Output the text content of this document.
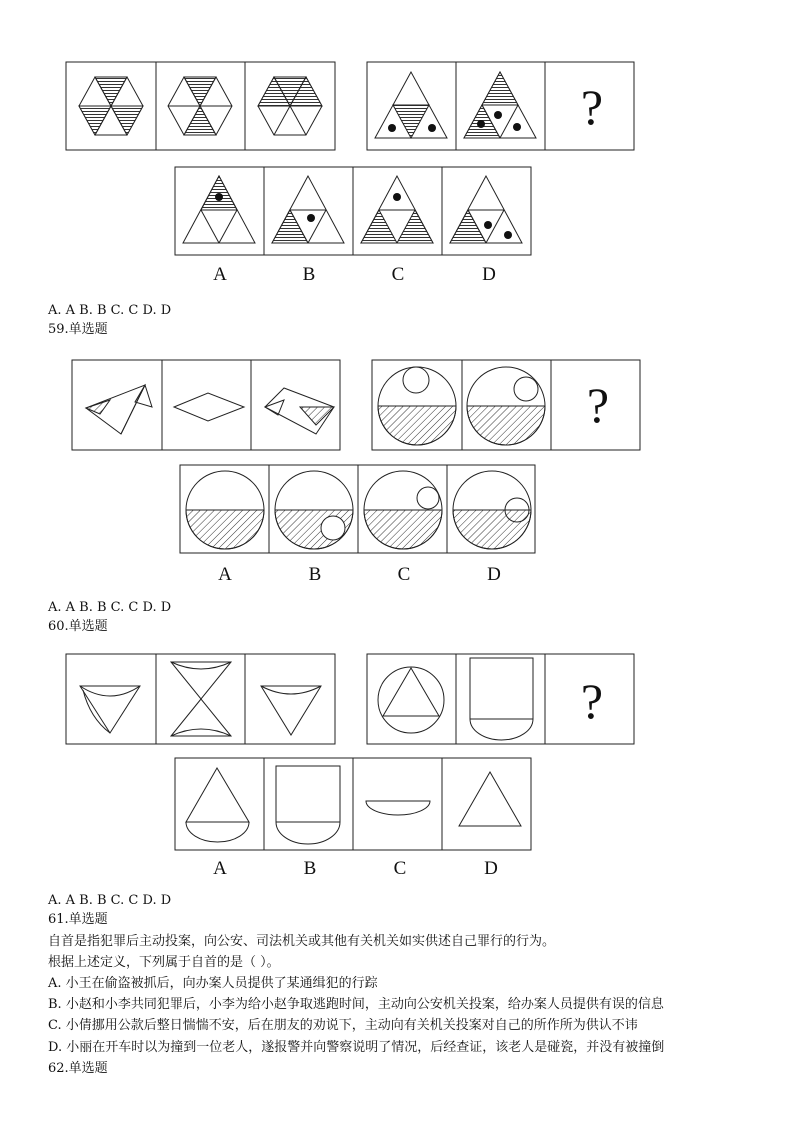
?
A	B	C	D
A. A B. B C. C D. D
59.单选题
?
A	B	C	D
A. A B. B C. C D. D
60.单选题
?
A	B	C	D
A. A B. B C. C D. D
61.单选题
自首是指犯罪后主动投案，向公安、司法机关或其他有关机关如实供述自己罪行的行为。
根据上述定义，下列属于自首的是（ ）。
A. 小王在偷盗被抓后，向办案人员提供了某通缉犯的行踪
B. 小赵和小李共同犯罪后，小李为给小赵争取逃跑时间，主动向公安机关投案，给办案人员提供有误的信息
C. 小倩挪用公款后整日惴惴不安，后在朋友的劝说下，主动向有关机关投案对自己的所作所为供认不讳
D. 小丽在开车时以为撞到一位老人，遂报警并向警察说明了情况，后经查证，该老人是碰瓷，并没有被撞倒
62.单选题
